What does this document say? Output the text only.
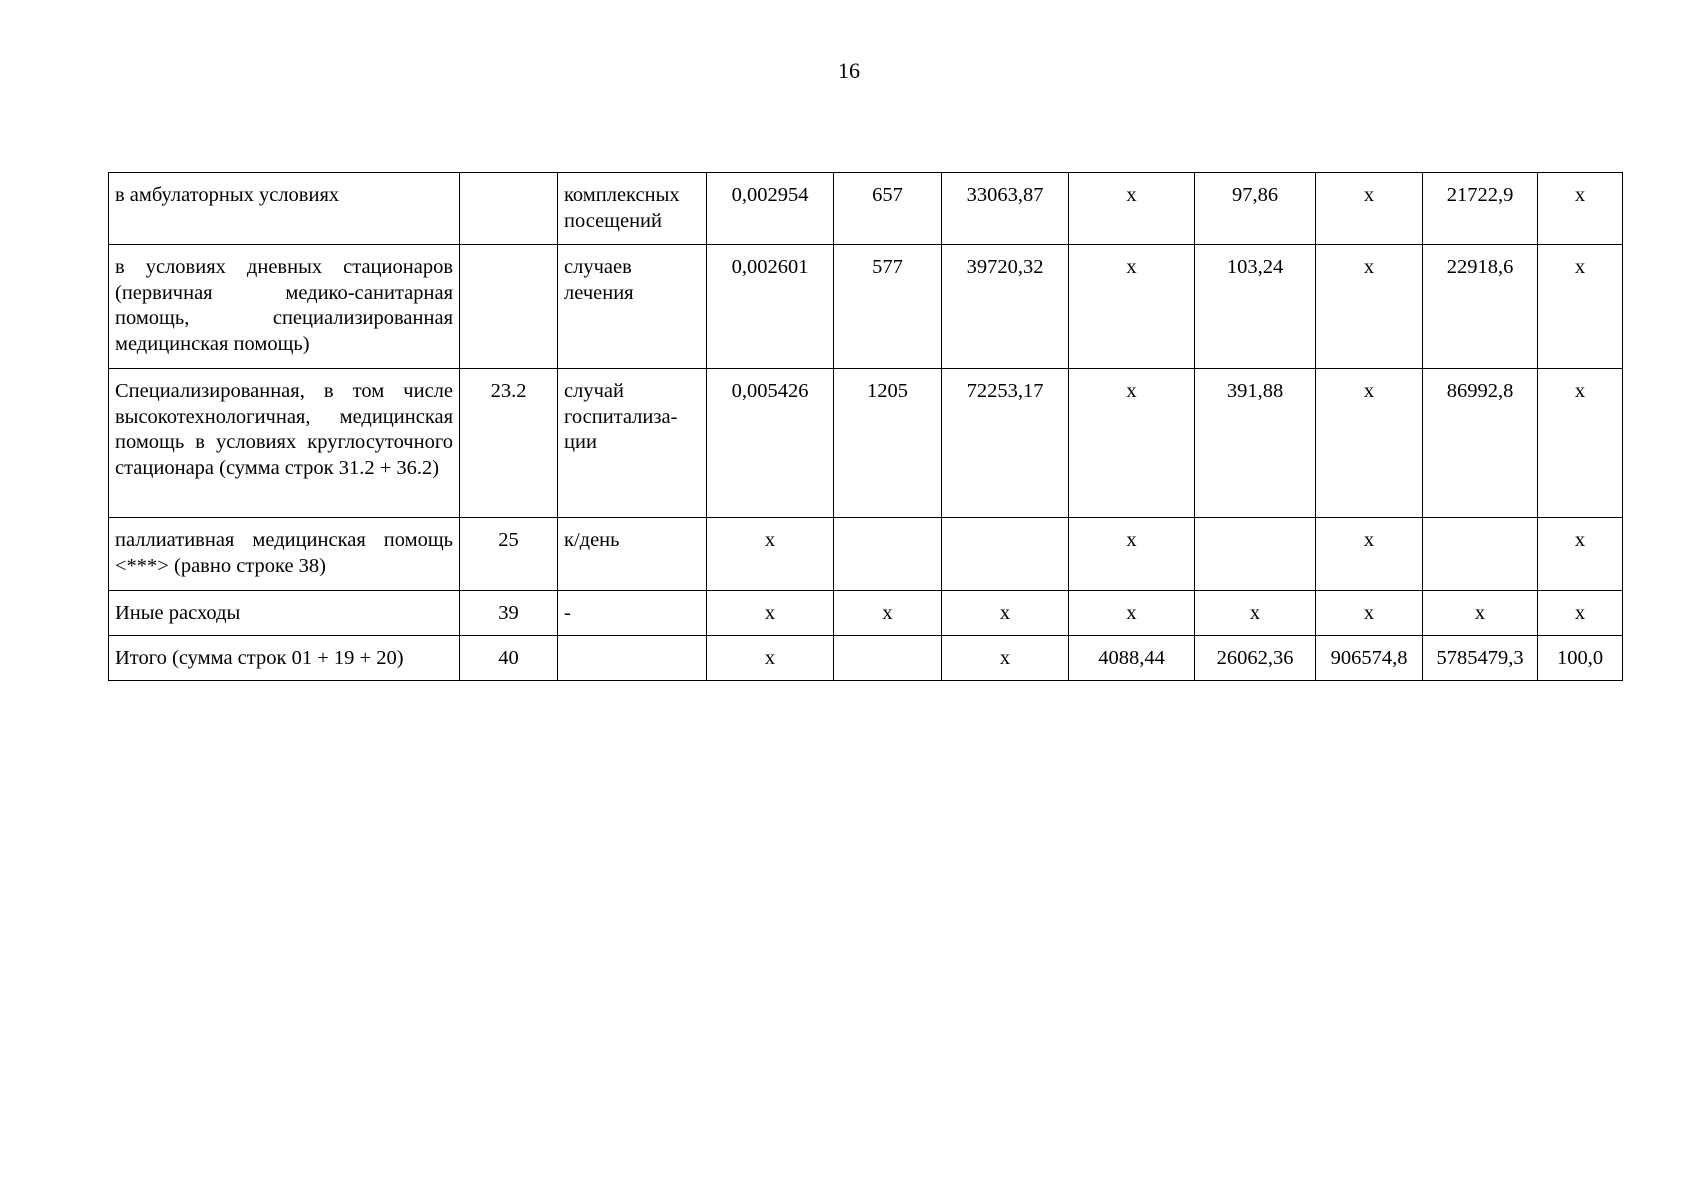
16
в амбулаторных условиях		комплексных посещений	0,002954	657	33063,87	х	97,86	х	21722,9	х
в условиях дневных стационаров (первичная медико-санитарная помощь, специализированная медицинская помощь)		случаев лечения	0,002601	577	39720,32	х	103,24	х	22918,6	х
Специализированная, в том числе высокотехнологичная, медицинская помощь в условиях круглосуточного стационара (сумма строк 31.2 + 36.2)	23.2	случай госпитализа-ции	0,005426	1205	72253,17	х	391,88	х	86992,8	х
паллиативная медицинская помощь <***> (равно строке 38)	25	к/день	х			х		х		х
Иные расходы	39	-	х	х	х	х	х	х	х	х
Итого (сумма строк 01 + 19 + 20)	40		х		х	4088,44	26062,36	906574,8	5785479,3	100,0
